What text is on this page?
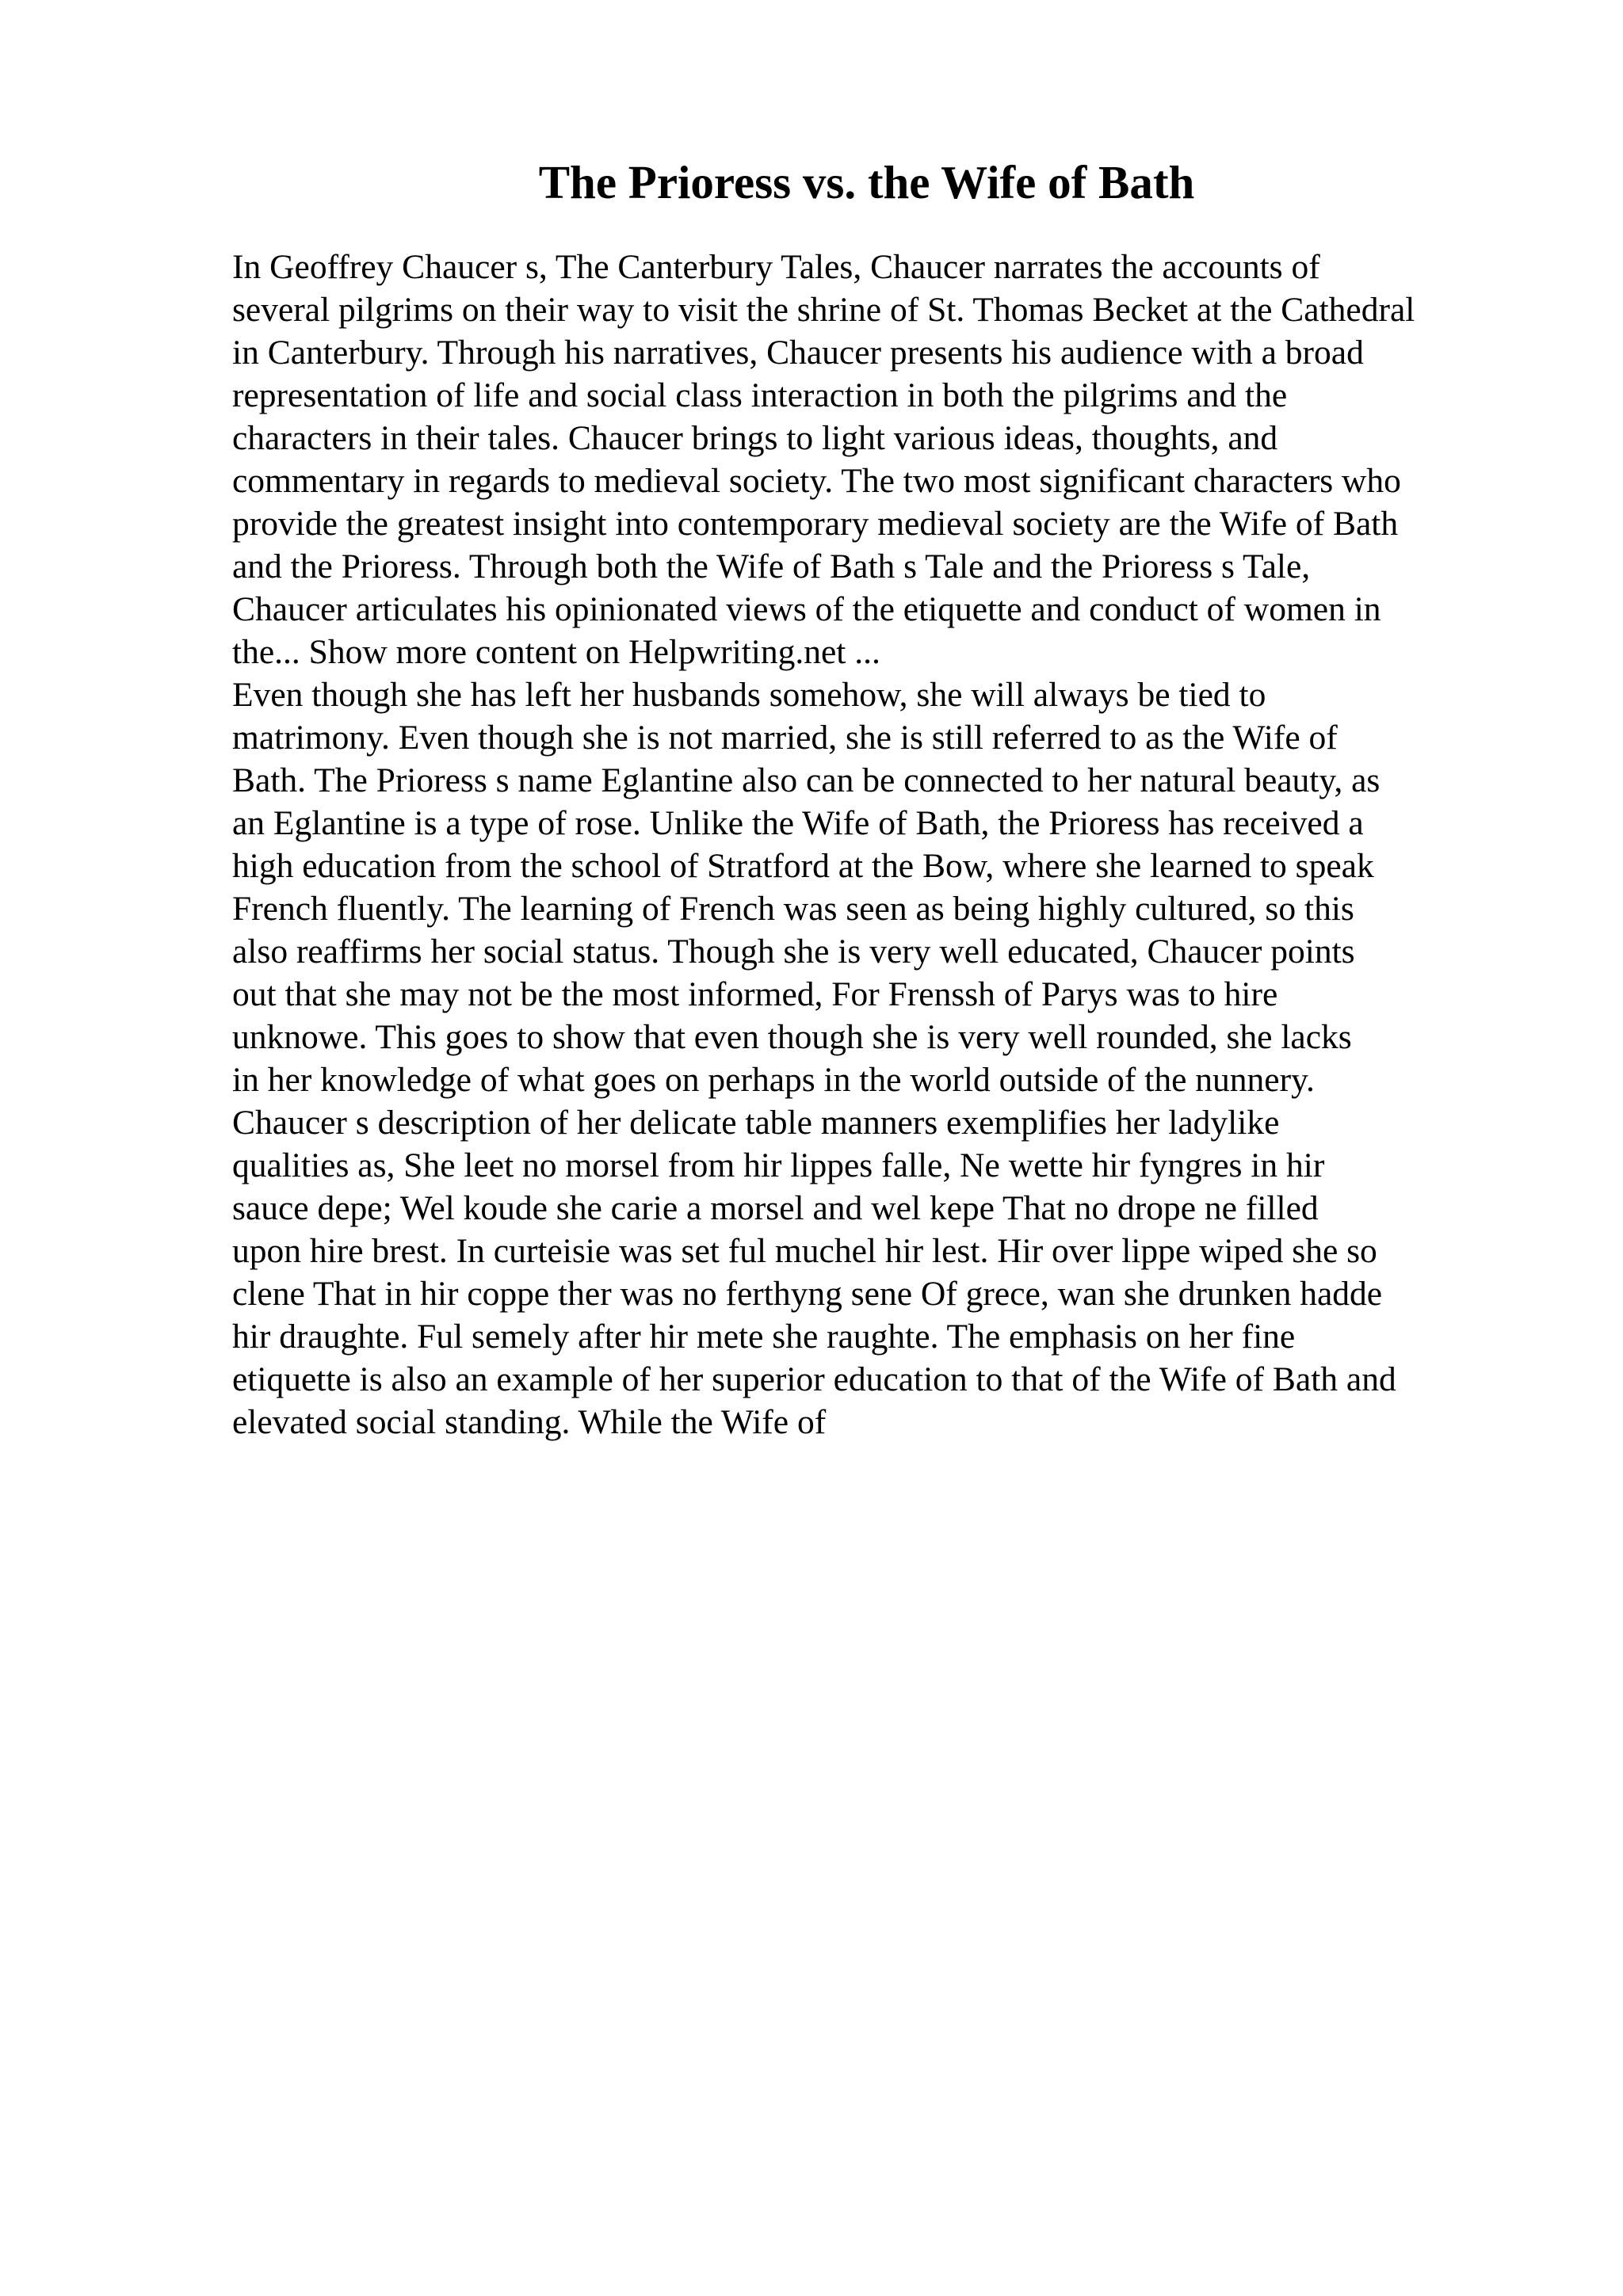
The Prioress vs. the Wife of Bath
In Geoffrey Chaucer s, The Canterbury Tales, Chaucer narrates the accounts of
several pilgrims on their way to visit the shrine of St. Thomas Becket at the Cathedral
in Canterbury. Through his narratives, Chaucer presents his audience with a broad
representation of life and social class interaction in both the pilgrims and the
characters in their tales. Chaucer brings to light various ideas, thoughts, and
commentary in regards to medieval society. The two most significant characters who
provide the greatest insight into contemporary medieval society are the Wife of Bath
and the Prioress. Through both the Wife of Bath s Tale and the Prioress s Tale,
Chaucer articulates his opinionated views of the etiquette and conduct of women in
the... Show more content on Helpwriting.net ...
Even though she has left her husbands somehow, she will always be tied to
matrimony. Even though she is not married, she is still referred to as the Wife of
Bath. The Prioress s name Eglantine also can be connected to her natural beauty, as
an Eglantine is a type of rose. Unlike the Wife of Bath, the Prioress has received a
high education from the school of Stratford at the Bow, where she learned to speak
French fluently. The learning of French was seen as being highly cultured, so this
also reaffirms her social status. Though she is very well educated, Chaucer points
out that she may not be the most informed, For Frenssh of Parys was to hire
unknowe. This goes to show that even though she is very well rounded, she lacks
in her knowledge of what goes on perhaps in the world outside of the nunnery.
Chaucer s description of her delicate table manners exemplifies her ladylike
qualities as, She leet no morsel from hir lippes falle, Ne wette hir fyngres in hir
sauce depe; Wel koude she carie a morsel and wel kepe That no drope ne filled
upon hire brest. In curteisie was set ful muchel hir lest. Hir over lippe wiped she so
clene That in hir coppe ther was no ferthyng sene Of grece, wan she drunken hadde
hir draughte. Ful semely after hir mete she raughte. The emphasis on her fine
etiquette is also an example of her superior education to that of the Wife of Bath and
elevated social standing. While the Wife of
